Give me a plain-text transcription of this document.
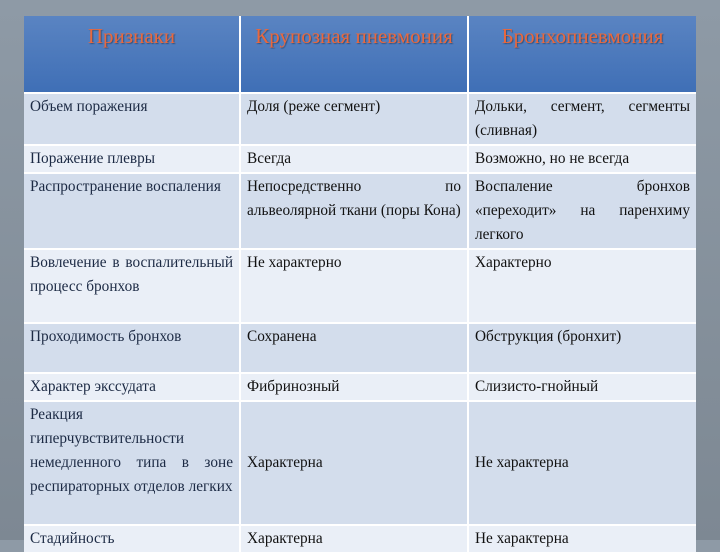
Признаки	Крупозная пневмония	Бронхопневмония
Объем поражения	Доля (реже сегмент)	Дольки, сегмент, сегменты (сливная)
Поражение плевры	Всегда	Возможно, но не всегда
Распространение воспаления	Непосредственно по альвеолярной ткани (поры Кона)	Воспаление бронхов «переходит» на паренхиму легкого
Вовлечение в воспалительный процесс бронхов	Не характерно	Характерно
Проходимость бронхов	Сохранена	Обструкция (бронхит)
Характер экссудата	Фибринозный	Слизисто-гнойный
Реакция гиперчувствительности немедленного типа в зоне респираторных отделов легких	Характерна	Не характерна
Стадийность	Характерна	Не характерна
